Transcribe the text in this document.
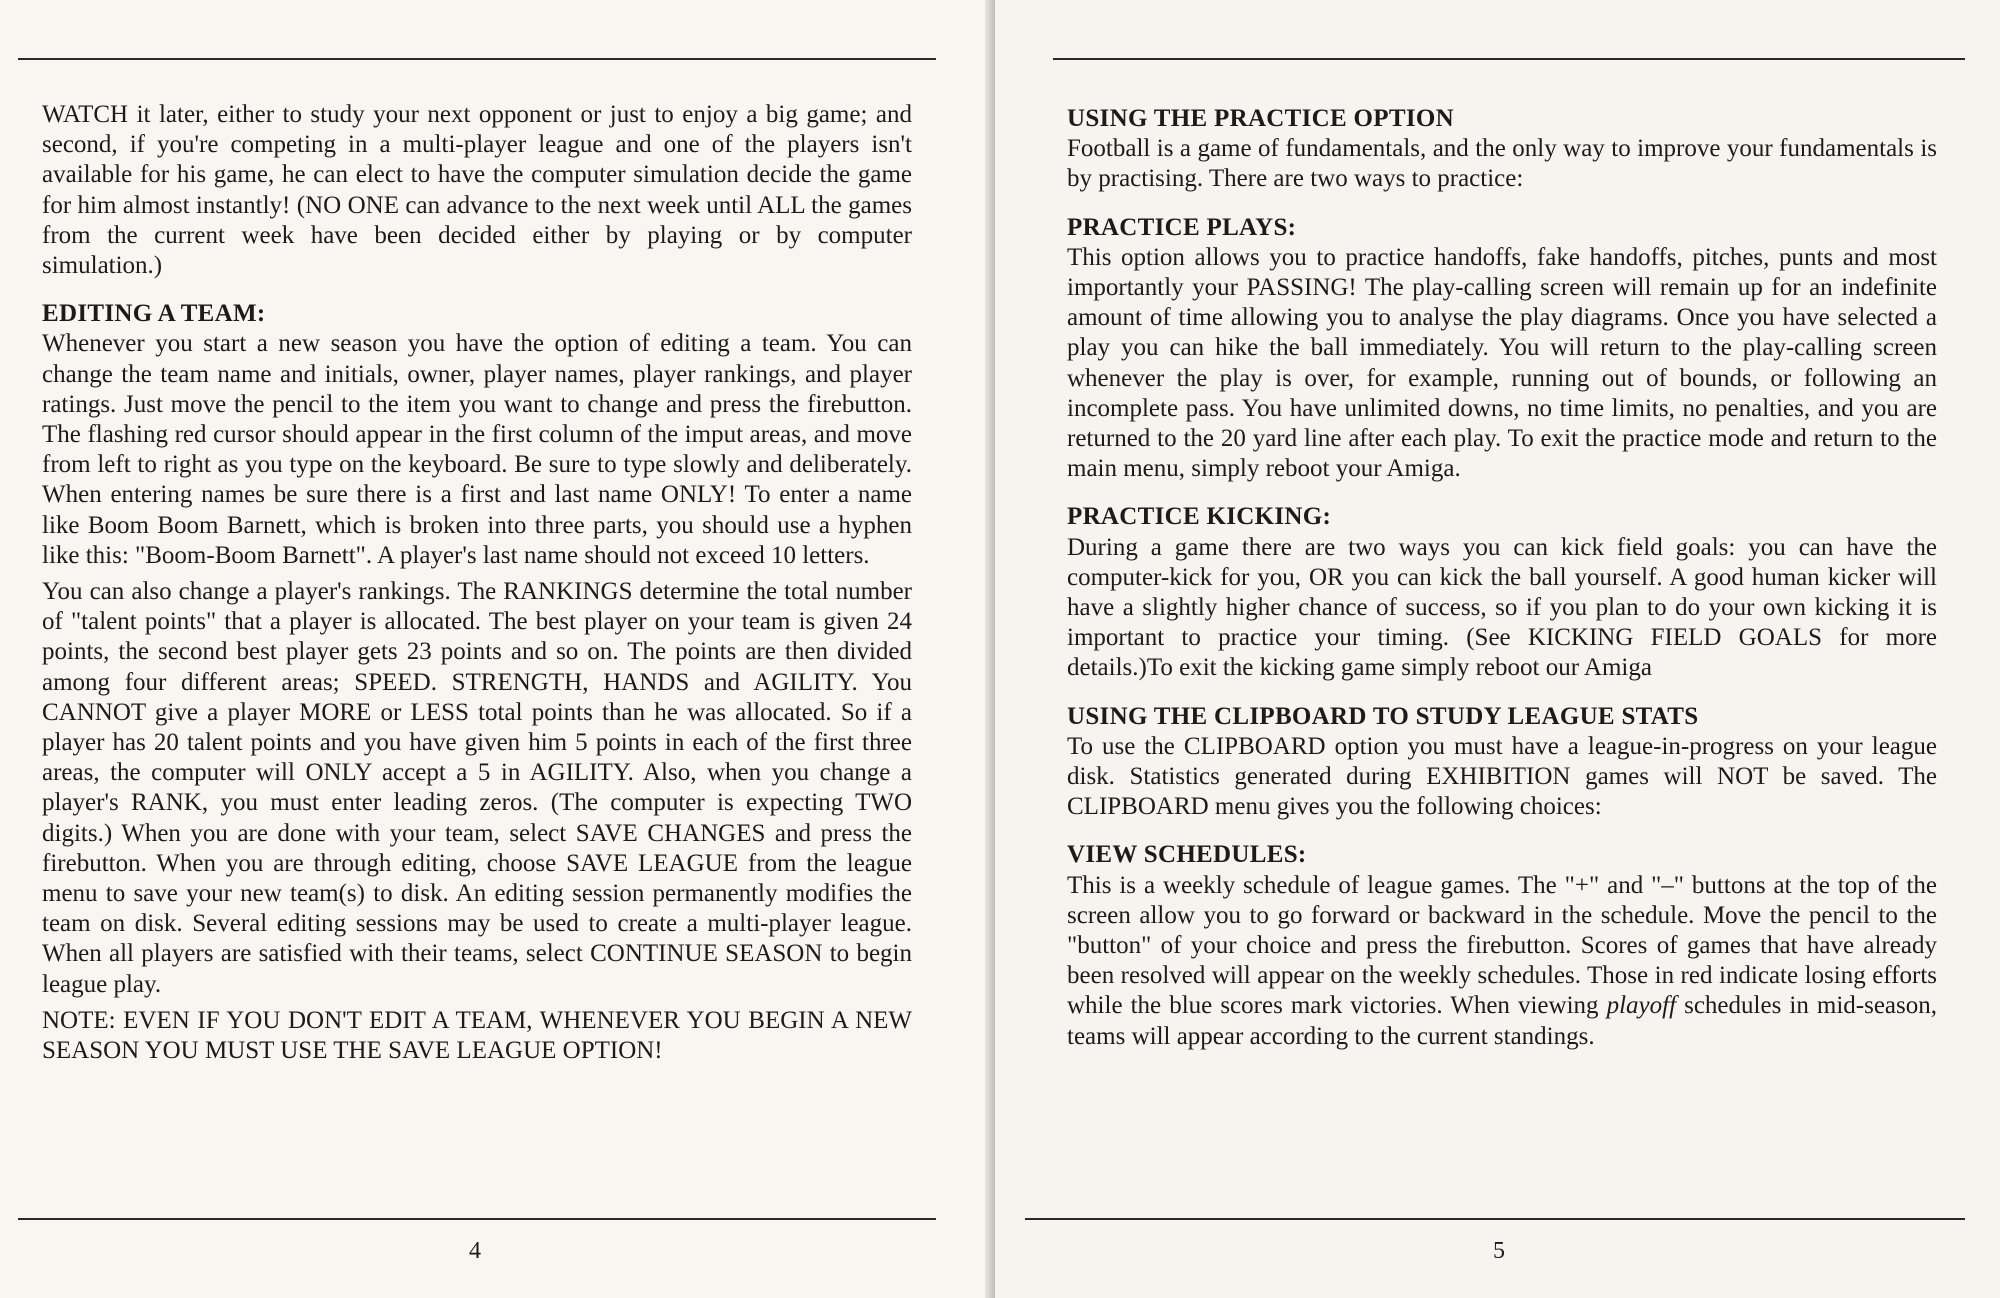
WATCH it later, either to study your next opponent or just to enjoy a big game; and second, if you're competing in a multi-player league and one of the players isn't available for his game, he can elect to have the computer simulation decide the game for him almost instantly! (NO ONE can advance to the next week until ALL the games from the current week have been decided either by playing or by computer simulation.)

EDITING A TEAM:

Whenever you start a new season you have the option of editing a team. You can change the team name and initials, owner, player names, player rankings, and player ratings. Just move the pencil to the item you want to change and press the firebutton. The flashing red cursor should appear in the first column of the imput areas, and move from left to right as you type on the keyboard. Be sure to type slowly and deliberately. When entering names be sure there is a first and last name ONLY! To enter a name like Boom Boom Barnett, which is broken into three parts, you should use a hyphen like this: "Boom-Boom Barnett". A player's last name should not exceed 10 letters.

You can also change a player's rankings. The RANKINGS determine the total number of "talent points" that a player is allocated. The best player on your team is given 24 points, the second best player gets 23 points and so on. The points are then divided among four different areas; SPEED. STRENGTH, HANDS and AGILITY. You CANNOT give a player MORE or LESS total points than he was allocated. So if a player has 20 talent points and you have given him 5 points in each of the first three areas, the computer will ONLY accept a 5 in AGILITY. Also, when you change a player's RANK, you must enter leading zeros. (The computer is expecting TWO digits.) When you are done with your team, select SAVE CHANGES and press the firebutton. When you are through editing, choose SAVE LEAGUE from the league menu to save your new team(s) to disk. An editing session permanently modifies the team on disk. Several editing sessions may be used to create a multi-player league. When all players are satisfied with their teams, select CONTINUE SEASON to begin league play.

NOTE: EVEN IF YOU DON'T EDIT A TEAM, WHENEVER YOU BEGIN A NEW SEASON YOU MUST USE THE SAVE LEAGUE OPTION!

4
USING THE PRACTICE OPTION

Football is a game of fundamentals, and the only way to improve your fundamentals is by practising. There are two ways to practice:

PRACTICE PLAYS:

This option allows you to practice handoffs, fake handoffs, pitches, punts and most importantly your PASSING! The play-calling screen will remain up for an indefinite amount of time allowing you to analyse the play diagrams. Once you have selected a play you can hike the ball immediately. You will return to the play-calling screen whenever the play is over, for example, running out of bounds, or following an incomplete pass. You have unlimited downs, no time limits, no penalties, and you are returned to the 20 yard line after each play. To exit the practice mode and return to the main menu, simply reboot your Amiga.

PRACTICE KICKING:

During a game there are two ways you can kick field goals: you can have the computer-kick for you, OR you can kick the ball yourself. A good human kicker will have a slightly higher chance of success, so if you plan to do your own kicking it is important to practice your timing. (See KICKING FIELD GOALS for more details.)To exit the kicking game simply reboot our Amiga

USING THE CLIPBOARD TO STUDY LEAGUE STATS

To use the CLIPBOARD option you must have a league-in-progress on your league disk. Statistics generated during EXHIBITION games will NOT be saved. The CLIPBOARD menu gives you the following choices:

VIEW SCHEDULES:

This is a weekly schedule of league games. The "+" and "–" buttons at the top of the screen allow you to go forward or backward in the schedule. Move the pencil to the "button" of your choice and press the firebutton. Scores of games that have already been resolved will appear on the weekly schedules. Those in red indicate losing efforts while the blue scores mark victories. When viewing playoff schedules in mid-season, teams will appear according to the current standings.

5
